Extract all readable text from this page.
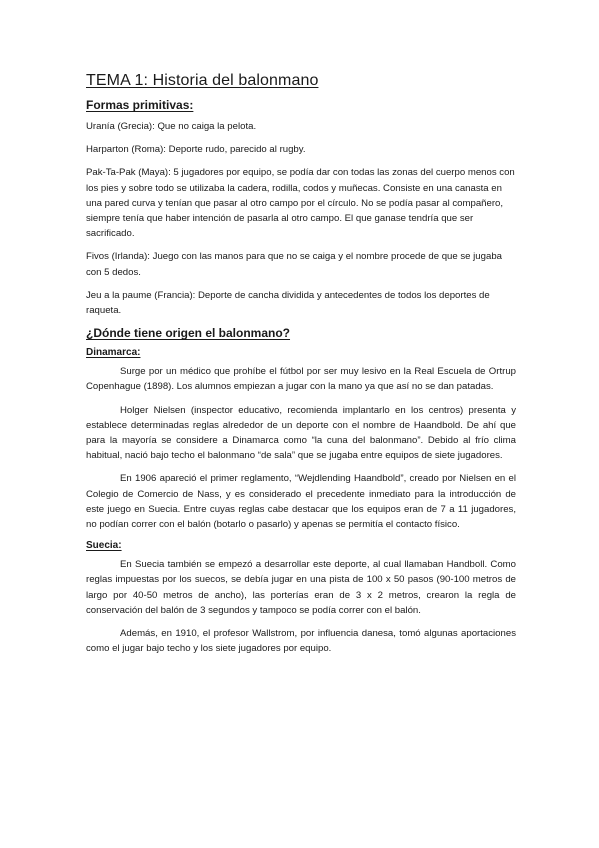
TEMA 1: Historia del balonmano
Formas primitivas:

Uranía (Grecia): Que no caiga la pelota.

Harparton (Roma): Deporte rudo, parecido al rugby.

Pak-Ta-Pak (Maya): 5 jugadores por equipo, se podía dar con todas las zonas del cuerpo menos con los pies y sobre todo se utilizaba la cadera, rodilla, codos y muñecas. Consiste en una canasta en una pared curva y tenían que pasar al otro campo por el círculo. No se podía pasar al compañero, siempre tenía que haber intención de pasarla al otro campo. El que ganase tendría que ser sacrificado.

Fivos (Irlanda): Juego con las manos para que no se caiga y el nombre procede de que se jugaba con 5 dedos.

Jeu a la paume (Francia): Deporte de cancha dividida y antecedentes de todos los deportes de raqueta.

¿Dónde tiene origen el balonmano?
Dinamarca:

Surge por un médico que prohíbe el fútbol por ser muy lesivo en la Real Escuela de Ortrup Copenhague (1898). Los alumnos empiezan a jugar con la mano ya que así no se dan patadas.

Holger Nielsen (inspector educativo, recomienda implantarlo en los centros) presenta y establece determinadas reglas alrededor de un deporte con el nombre de Haandbold. De ahí que para la mayoría se considere a Dinamarca como “la cuna del balonmano”. Debido al frío clima habitual, nació bajo techo el balonmano “de sala” que se jugaba entre equipos de siete jugadores.

En 1906 apareció el primer reglamento, “Wejdlending Haandbold”, creado por Nielsen en el Colegio de Comercio de Nass, y es considerado el precedente inmediato para la introducción de este juego en Suecia. Entre cuyas reglas cabe destacar que los equipos eran de 7 a 11 jugadores, no podían correr con el balón (botarlo o pasarlo) y apenas se permitía el contacto físico.

Suecia:

En Suecia también se empezó a desarrollar este deporte, al cual llamaban Handboll. Como reglas impuestas por los suecos, se debía jugar en una pista de 100 x 50 pasos (90-100 metros de largo por 40-50 metros de ancho), las porterías eran de 3 x 2 metros, crearon la regla de conservación del balón de 3 segundos y tampoco se podía correr con el balón.

Además, en 1910, el profesor Wallstrom, por influencia danesa, tomó algunas aportaciones como el jugar bajo techo y los siete jugadores por equipo.
